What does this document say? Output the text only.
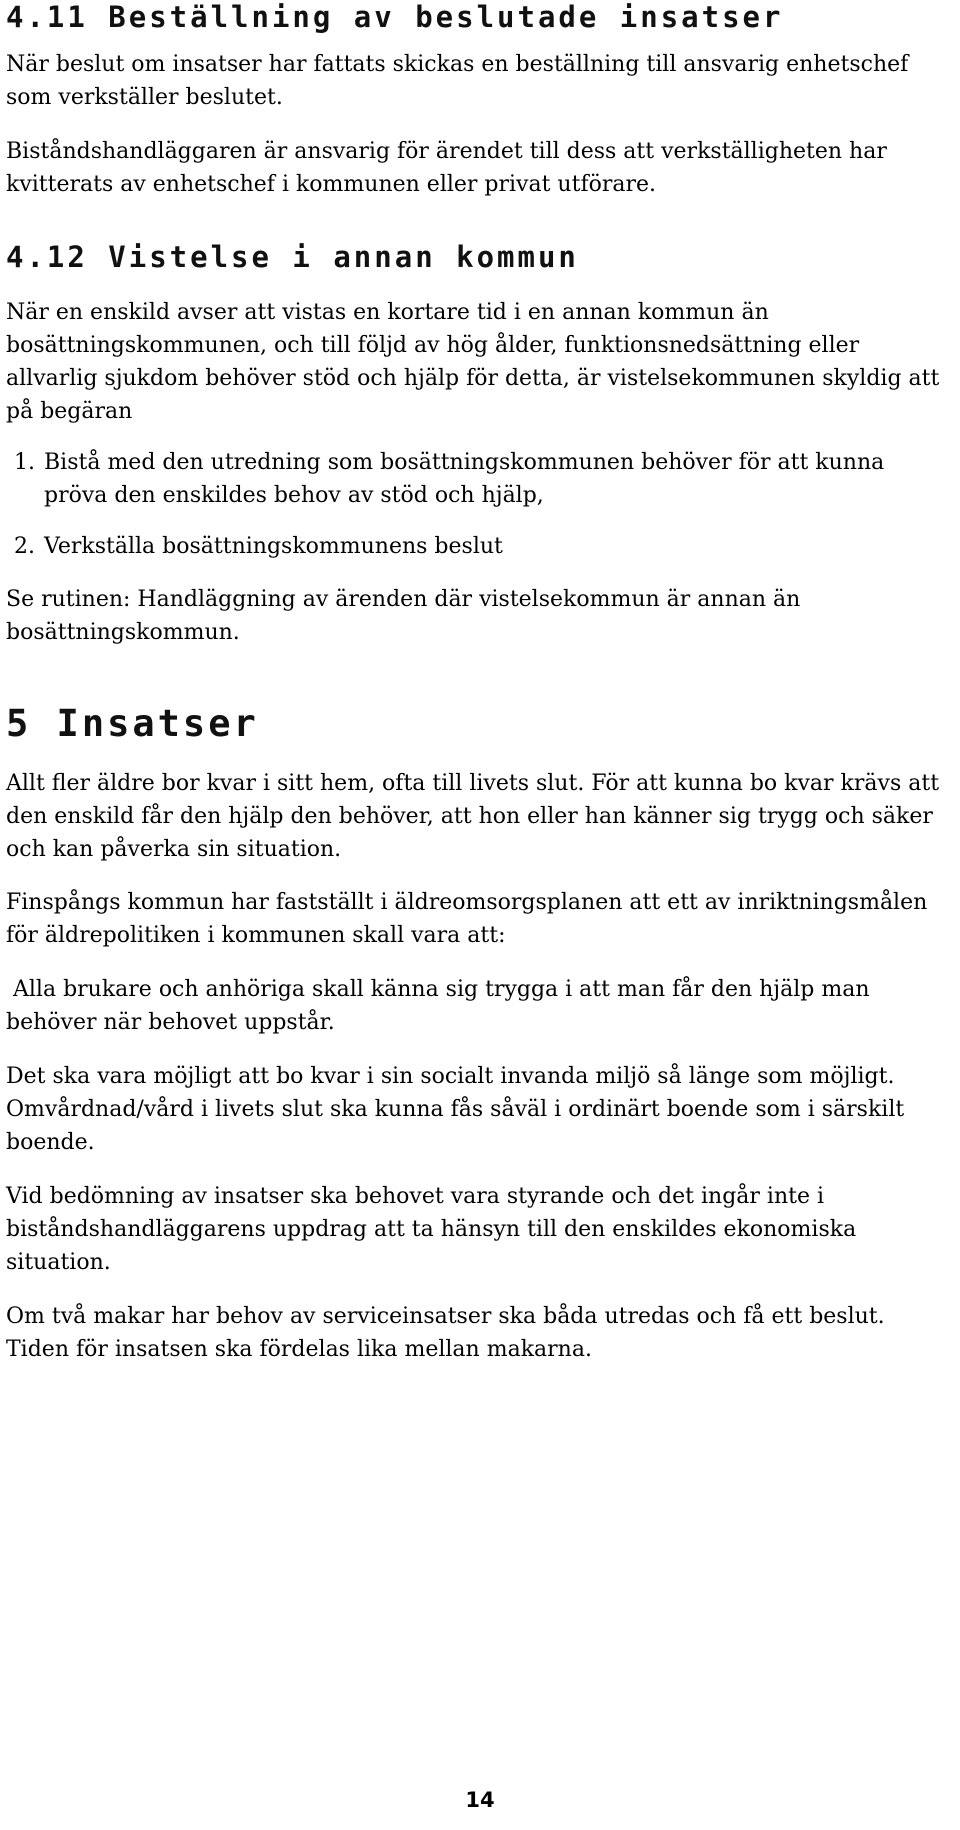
4.11 Beställning av beslutade insatser

När beslut om insatser har fattats skickas en beställning till ansvarig enhetschef som verkställer beslutet.

Biståndshandläggaren är ansvarig för ärendet till dess att verkställigheten har kvitterats av enhetschef i kommunen eller privat utförare.

4.12 Vistelse i annan kommun

När en enskild avser att vistas en kortare tid i en annan kommun än bosättningskommunen, och till följd av hög ålder, funktionsnedsättning eller allvarlig sjukdom behöver stöd och hjälp för detta, är vistelsekommunen skyldig att på begäran

1. Bistå med den utredning som bosättningskommunen behöver för att kunna pröva den enskildes behov av stöd och hjälp,
2. Verkställa bosättningskommunens beslut

Se rutinen: Handläggning av ärenden där vistelsekommun är annan än bosättningskommun.

5 Insatser

Allt fler äldre bor kvar i sitt hem, ofta till livets slut. För att kunna bo kvar krävs att den enskild får den hjälp den behöver, att hon eller han känner sig trygg och säker och kan påverka sin situation.

Finspångs kommun har fastställt i äldreomsorgsplanen att ett av inriktningsmålen för äldrepolitiken i kommunen skall vara att:

Alla brukare och anhöriga skall känna sig trygga i att man får den hjälp man behöver när behovet uppstår.

Det ska vara möjligt att bo kvar i sin socialt invanda miljö så länge som möjligt. Omvårdnad/vård i livets slut ska kunna fås såväl i ordinärt boende som i särskilt boende.

Vid bedömning av insatser ska behovet vara styrande och det ingår inte i biståndshandläggarens uppdrag att ta hänsyn till den enskildes ekonomiska situation.

Om två makar har behov av serviceinsatser ska båda utredas och få ett beslut. Tiden för insatsen ska fördelas lika mellan makarna.

14
